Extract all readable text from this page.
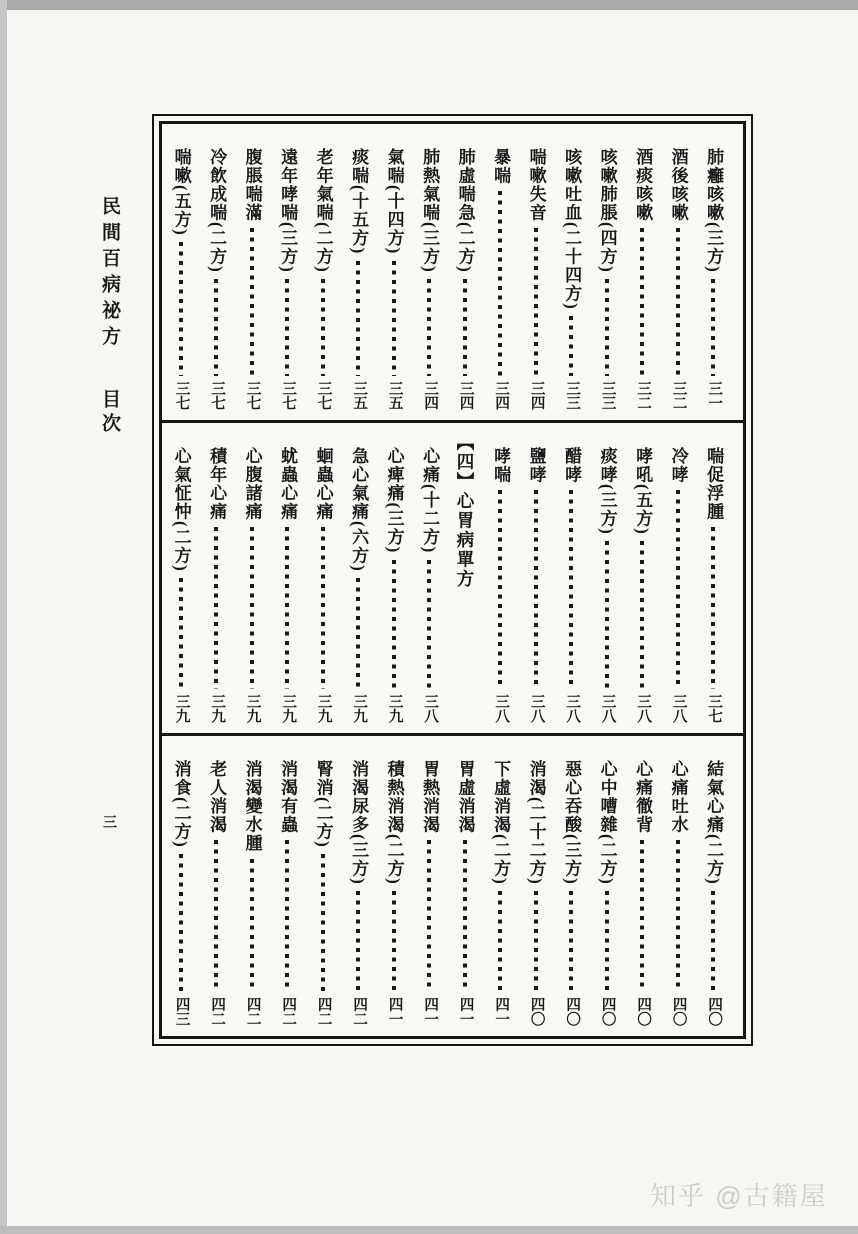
民間百病祕方 目次
三
肺癰咳嗽(三方)
三一
酒後咳嗽
三二
酒痰咳嗽
三二
咳嗽肺脹(四方)
三三
咳嗽吐血(二十四方)
三三
喘嗽失音
三四
暴喘
三四
肺虛喘急(二方)
三四
肺熱氣喘(三方)
三四
氣喘(十四方)
三五
痰喘(十五方)
三五
老年氣喘(二方)
三七
遠年哮喘(三方)
三七
腹脹喘滿
三七
冷飲成喘(二方)
三七
喘嗽(五方)
三七
喘促浮腫
三七
冷哮
三八
哮吼(五方)
三八
痰哮(三方)
三八
醋哮
三八
鹽哮
三八
哮喘
三八
【四】心胃病單方
心痛(十二方)
三八
心痺痛(三方)
三九
急心氣痛(六方)
三九
蛔蟲心痛
三九
蚘蟲心痛
三九
心腹諸痛
三九
積年心痛
三九
心氣怔忡(二方)
三九
結氣心痛(二方)
四〇
心痛吐水
四〇
心痛徹背
四〇
心中嘈雜(二方)
四〇
惡心吞酸(三方)
四〇
消渴(二十二方)
四〇
下虛消渴(二方)
四一
胃虛消渴
四一
胃熱消渴
四一
積熱消渴(二方)
四一
消渴尿多(三方)
四二
腎消(二方)
四二
消渴有蟲
四二
消渴變水腫
四二
老人消渴
四二
消食(二方)
四三
知乎 @古籍屋
